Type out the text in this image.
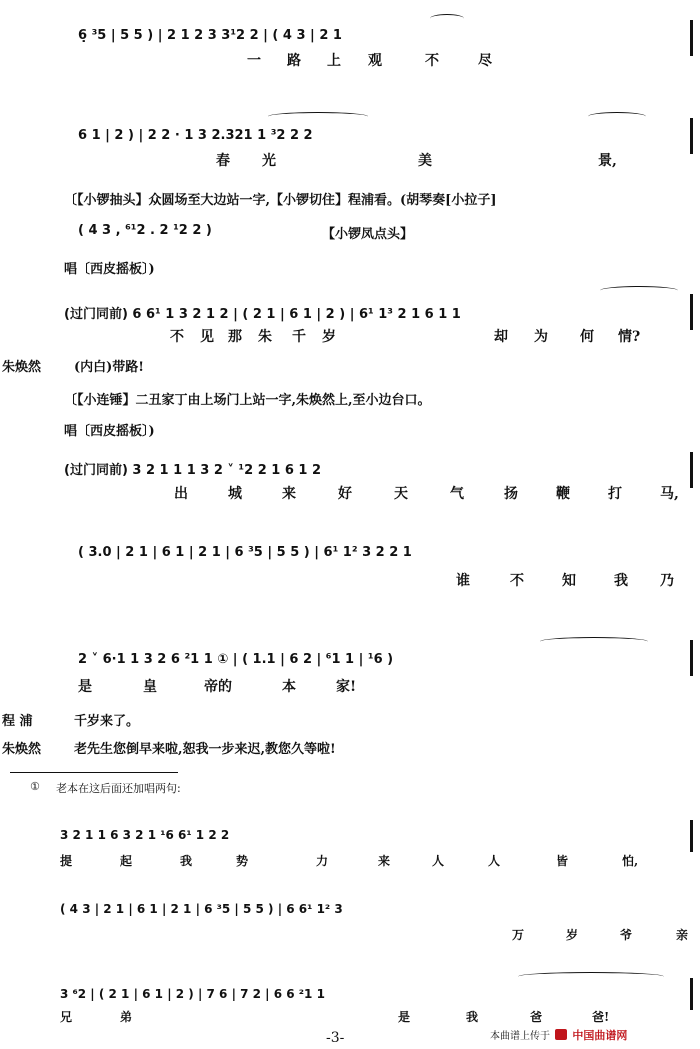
6̣ ³5 | 5 5 ) | 2 1 2 3 3¹2 2 | ( 4 3 | 2 1
一 路 上 观	不	尽
6 1 | 2 ) | 2 2 · 1 3 2.321 1 ³2 2 2
春 光	美	景,
〔【小锣抽头】众圆场至大边站一字,【小锣切住】程浦看。(胡琴奏[小拉子]
( 4 3 , ⁶¹2 . 2 ¹2 2 )	【小锣凤点头】
唱〔西皮摇板〕)
(过门同前) 6 6¹ 1 3 2 1 2 | ( 2 1 | 6 1 | 2 ) | 6¹ 1³ 2 1 6 1 1
不 见 那 朱 千 岁	却 为 何 情?
朱焕然	(内白)带路!
〔【小连锤】二丑家丁由上场门上站一字,朱焕然上,至小边台口。
唱〔西皮摇板〕)
(过门同前) 3 2 1 1 1 3 2 ˅ ¹2 2 1 6 1 2
出	城	来	好	天	气	扬	鞭	打	马,
( 3.0 | 2 1 | 6 1 | 2 1 | 6 ³5 | 5 5 ) | 6¹ 1² 3 2 2 1
谁	不	知	我 乃
2 ˅ 6·1 1 3 2 6 ²1 1 ① | ( 1.1 | 6 2 | ⁶1 1 | ¹6 )
是	皇	帝的	本	家!
程 浦	千岁来了。
朱焕然	老先生您倒早来啦,恕我一步来迟,教您久等啦!
① 老本在这后面还加唱两句:
3 2 1 1 6 3 2 1 ¹6 6¹ 1 2 2
提	起	我	势	力	来	人	人	皆	怕,
( 4 3 | 2 1 | 6 1 | 2 1 | 6 ³5 | 5 5 ) | 6 6¹ 1² 3
万	岁	爷	亲
3 ⁶2 | ( 2 1 | 6 1 | 2 ) | 7 6 | 7 2 | 6 6 ²1 1
兄	弟	是	我	爸	爸!
-3-	本曲谱上传于 中国曲谱网
